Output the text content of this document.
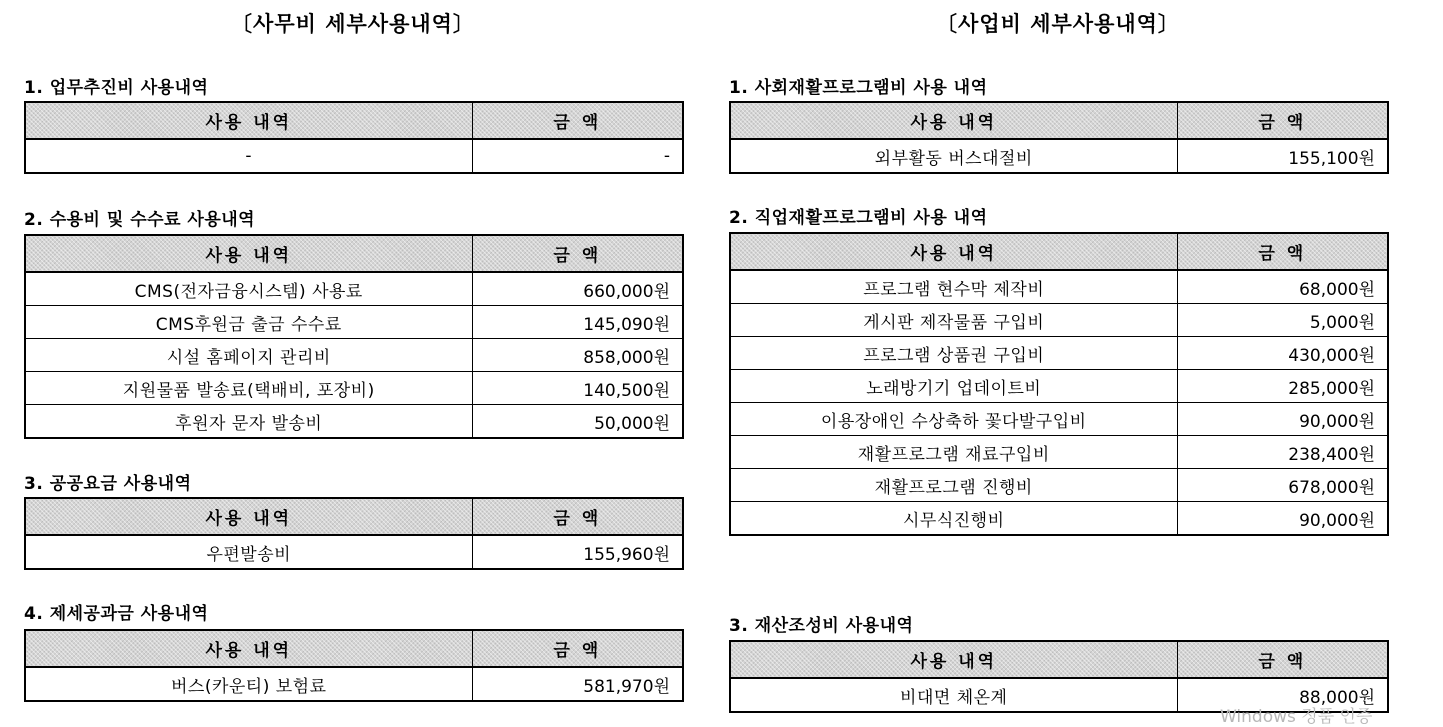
〔사무비 세부사용내역〕
1. 업무추진비 사용내역
사용 내역	금 액
-	-
2. 수용비 및 수수료 사용내역
사용 내역	금 액
CMS(전자금융시스템) 사용료	660,000원
CMS후원금 출금 수수료	145,090원
시설 홈페이지 관리비	858,000원
지원물품 발송료(택배비, 포장비)	140,500원
후원자 문자 발송비	50,000원
3. 공공요금 사용내역
사용 내역	금 액
우편발송비	155,960원
4. 제세공과금 사용내역
사용 내역	금 액
버스(카운티) 보험료	581,970원
〔사업비 세부사용내역〕
1. 사회재활프로그램비 사용 내역
사용 내역	금 액
외부활동 버스대절비	155,100원
2. 직업재활프로그램비 사용 내역
사용 내역	금 액
프로그램 현수막 제작비	68,000원
게시판 제작물품 구입비	5,000원
프로그램 상품권 구입비	430,000원
노래방기기 업데이트비	285,000원
이용장애인 수상축하 꽃다발구입비	90,000원
재활프로그램 재료구입비	238,400원
재활프로그램 진행비	678,000원
시무식진행비	90,000원
3. 재산조성비 사용내역
사용 내역	금 액
비대면 체온계	88,000원
Windows 정품 인증
